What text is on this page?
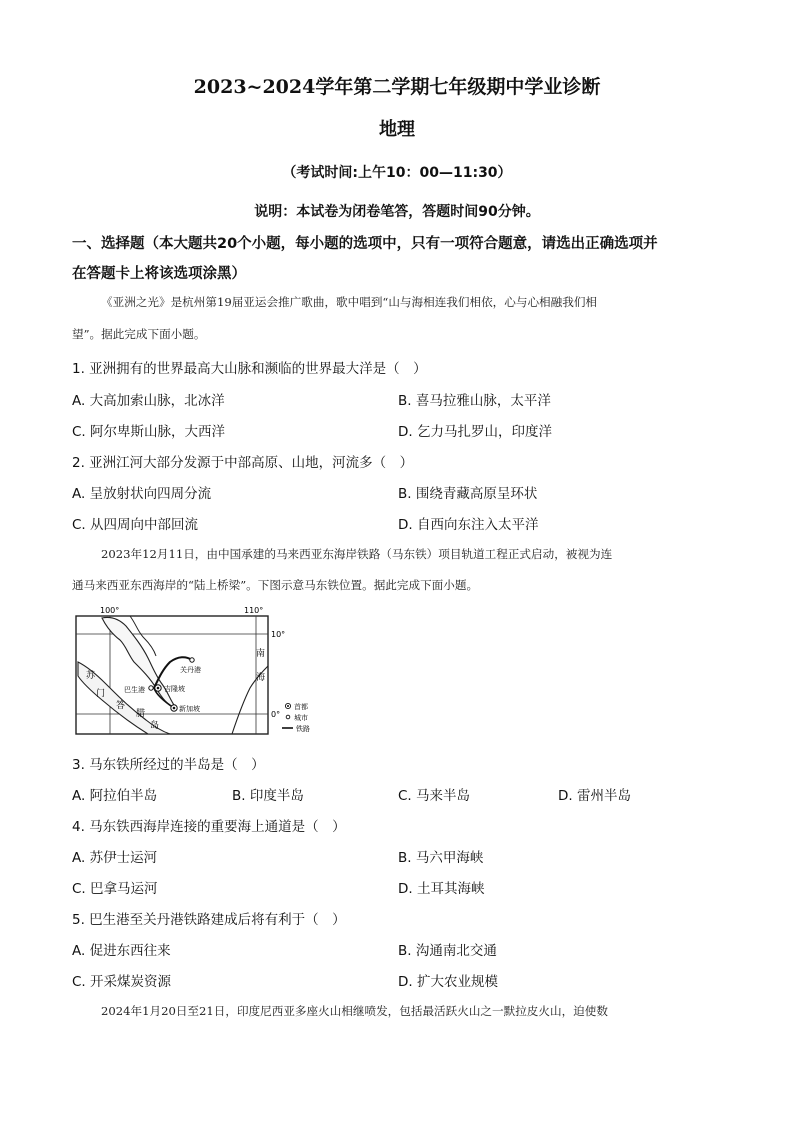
2023~2024学年第二学期七年级期中学业诊断
地理
（考试时间:上午10：00—11:30）
说明：本试卷为闭卷笔答，答题时间90分钟。
一、选择题（本大题共20个小题，每小题的选项中，只有一项符合题意，请选出正确选项并
在答题卡上将该选项涂黑）
《亚洲之光》是杭州第19届亚运会推广歌曲，歌中唱到“山与海相连我们相依，心与心相融我们相
望”。据此完成下面小题。
1. 亚洲拥有的世界最高大山脉和濒临的世界最大洋是（　）
A. 大高加索山脉，北冰洋	B. 喜马拉雅山脉，太平洋
C. 阿尔卑斯山脉，大西洋	D. 乞力马扎罗山，印度洋
2. 亚洲江河大部分发源于中部高原、山地，河流多（　）
A. 呈放射状向四周分流	B. 围绕青藏高原呈环状
C. 从四周向中部回流	D. 自西向东注入太平洋
2023年12月11日，由中国承建的马来西亚东海岸铁路（马东铁）项目轨道工程正式启动，被视为连
通马来西亚东西海岸的“陆上桥梁”。下图示意马东铁位置。据此完成下面小题。
100°	110°
10°
0°
南
海
苏
门
答
腊
岛
关丹港
巴生港	吉隆坡
新加坡	首都
城市
铁路
3. 马东铁所经过的半岛是（　）
A. 阿拉伯半岛	B. 印度半岛	C. 马来半岛	D. 雷州半岛
4. 马东铁西海岸连接的重要海上通道是（　）
A. 苏伊士运河	B. 马六甲海峡
C. 巴拿马运河	D. 土耳其海峡
5. 巴生港至关丹港铁路建成后将有利于（　）
A. 促进东西往来	B. 沟通南北交通
C. 开采煤炭资源	D. 扩大农业规模
2024年1月20日至21日，印度尼西亚多座火山相继喷发，包括最活跃火山之一默拉皮火山，迫使数
